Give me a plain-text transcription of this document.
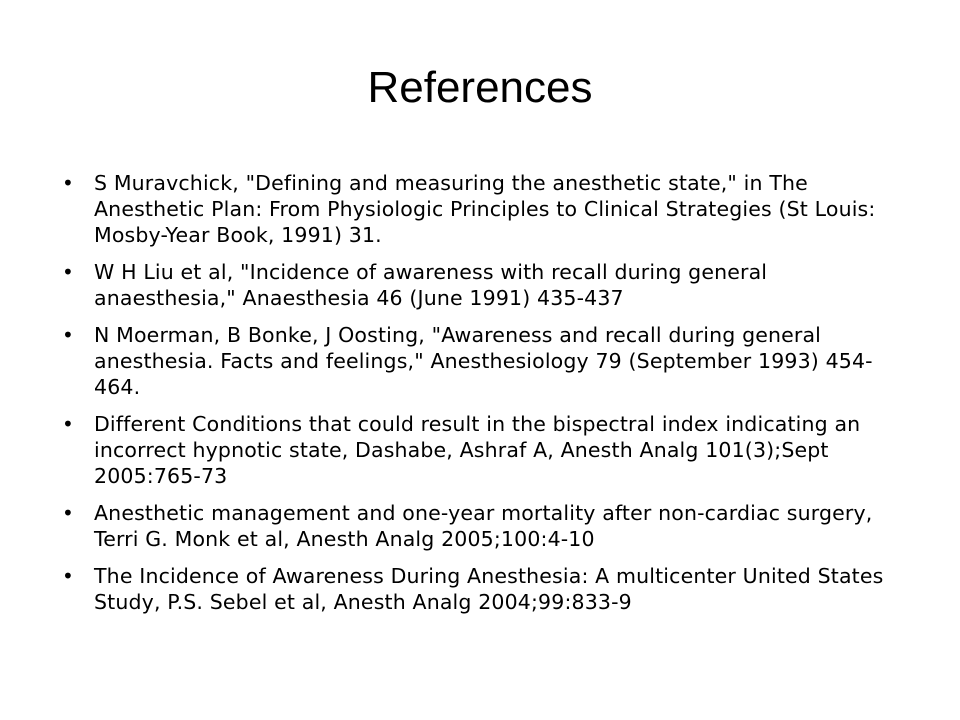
References
• S Muravchick, "Defining and measuring the anesthetic state," in The Anesthetic Plan: From Physiologic Principles to Clinical Strategies (St Louis: Mosby-Year Book, 1991) 31.
• W H Liu et al, "Incidence of awareness with recall during general anaesthesia," Anaesthesia 46 (June 1991) 435-437
• N Moerman, B Bonke, J Oosting, "Awareness and recall during general anesthesia. Facts and feelings," Anesthesiology 79 (September 1993) 454-464.
• Different Conditions that could result in the bispectral index indicating an incorrect hypnotic state, Dashabe, Ashraf A, Anesth Analg 101(3);Sept 2005:765-73
• Anesthetic management and one-year mortality after non-cardiac surgery, Terri G. Monk et al, Anesth Analg 2005;100:4-10
• The Incidence of Awareness During Anesthesia: A multicenter United States Study, P.S. Sebel et al, Anesth Analg 2004;99:833-9
